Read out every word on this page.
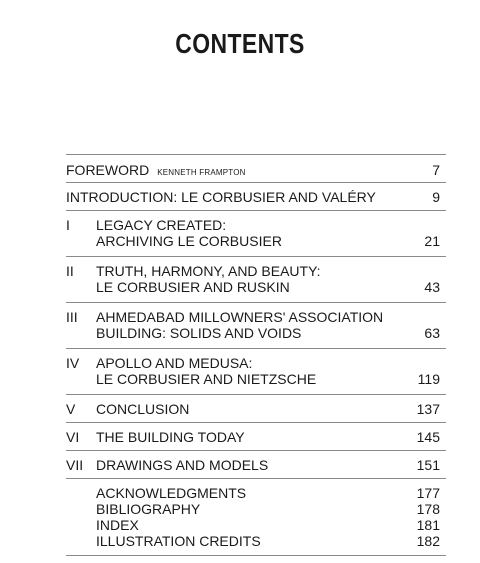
CONTENTS
FOREWORD KENNETH FRAMPTON	7
INTRODUCTION: LE CORBUSIER AND VALÉRY	9
I LEGACY CREATED:
ARCHIVING LE CORBUSIER	21
II TRUTH, HARMONY, AND BEAUTY:
LE CORBUSIER AND RUSKIN	43
III AHMEDABAD MILLOWNERS' ASSOCIATION
BUILDING: SOLIDS AND VOIDS	63
IV APOLLO AND MEDUSA:
LE CORBUSIER AND NIETZSCHE	119
V CONCLUSION	137
VI THE BUILDING TODAY	145
VII DRAWINGS AND MODELS	151
ACKNOWLEDGMENTS	177
BIBLIOGRAPHY	178
INDEX	181
ILLUSTRATION CREDITS	182
